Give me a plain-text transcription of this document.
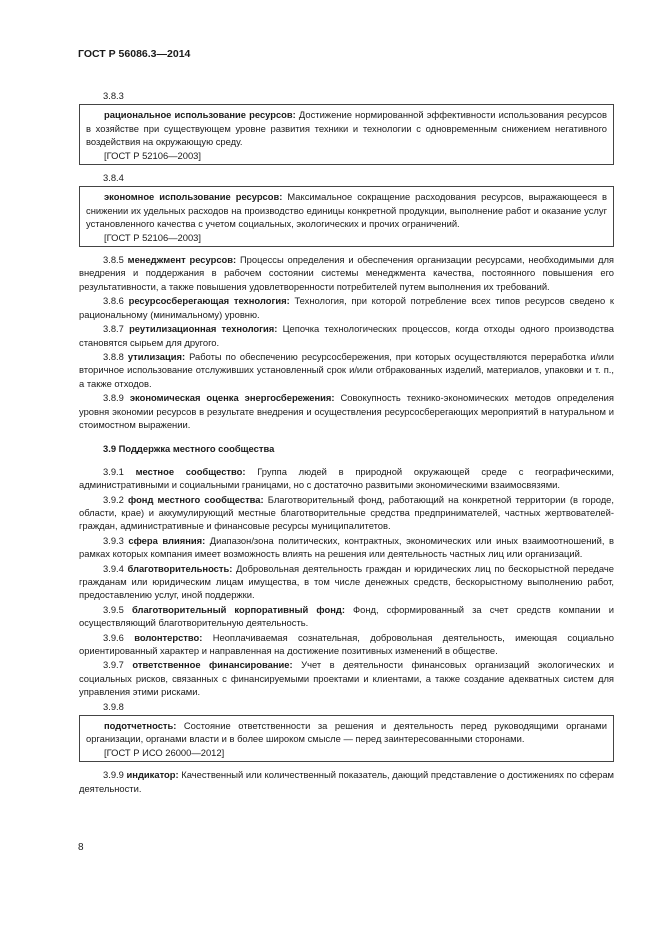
ГОСТ Р 56086.3—2014
3.8.3

рациональное использование ресурсов: Достижение нормированной эффективности использования ресурсов в хозяйстве при существующем уровне развития техники и технологии с одновременным снижением негативного воздействия на окружающую среду.

[ГОСТ Р 52106—2003]
3.8.4

экономное использование ресурсов: Максимальное сокращение расходования ресурсов, выражающееся в снижении их удельных расходов на производство единицы конкретной продукции, выполнение работ и оказание услуг установленного качества с учетом социальных, экологических и прочих ограничений.

[ГОСТ Р 52106—2003]

3.8.5 менеджмент ресурсов: Процессы определения и обеспечения организации ресурсами, необходимыми для внедрения и поддержания в рабочем состоянии системы менеджмента качества, постоянного повышения его результативности, а также повышения удовлетворенности потребителей путем выполнения их требований.

3.8.6 ресурсосберегающая технология: Технология, при которой потребление всех типов ресурсов сведено к рациональному (минимальному) уровню.

3.8.7 реутилизационная технология: Цепочка технологических процессов, когда отходы одного производства становятся сырьем для другого.

3.8.8 утилизация: Работы по обеспечению ресурсосбережения, при которых осуществляются переработка и/или вторичное использование отслуживших установленный срок и/или отбракованных изделий, материалов, упаковки и т. п., а также отходов.

3.8.9 экономическая оценка энергосбережения: Совокупность технико-экономических методов определения уровня экономии ресурсов в результате внедрения и осуществления ресурсосберегающих мероприятий в натуральном и стоимостном выражении.

3.9 Поддержка местного сообщества

3.9.1 местное сообщество: Группа людей в природной окружающей среде с географическими, административными и социальными границами, но с достаточно развитыми экономическими взаимосвязями.

3.9.2 фонд местного сообщества: Благотворительный фонд, работающий на конкретной территории (в городе, области, крае) и аккумулирующий местные благотворительные средства предпринимателей, частных жертвователей-граждан, административные и финансовые ресурсы муниципалитетов.

3.9.3 сфера влияния: Диапазон/зона политических, контрактных, экономических или иных взаимоотношений, в рамках которых компания имеет возможность влиять на решения или деятельность частных лиц или организаций.

3.9.4 благотворительность: Добровольная деятельность граждан и юридических лиц по бескорыстной передаче гражданам или юридическим лицам имущества, в том числе денежных средств, бескорыстному выполнению работ, предоставлению услуг, иной поддержки.

3.9.5 благотворительный корпоративный фонд: Фонд, сформированный за счет средств компании и осуществляющий благотворительную деятельность.

3.9.6 волонтерство: Неоплачиваемая сознательная, добровольная деятельность, имеющая социально ориентированный характер и направленная на достижение позитивных изменений в обществе.

3.9.7 ответственное финансирование: Учет в деятельности финансовых организаций экологических и социальных рисков, связанных с финансируемыми проектами и клиентами, а также создание адекватных систем для управления этими рисками.

3.9.8

подотчетность: Состояние ответственности за решения и деятельность перед руководящими органами организации, органами власти и в более широком смысле — перед заинтересованными сторонами.

[ГОСТ Р ИСО 26000—2012]

3.9.9 индикатор: Качественный или количественный показатель, дающий представление о достижениях по сферам деятельности.

8
